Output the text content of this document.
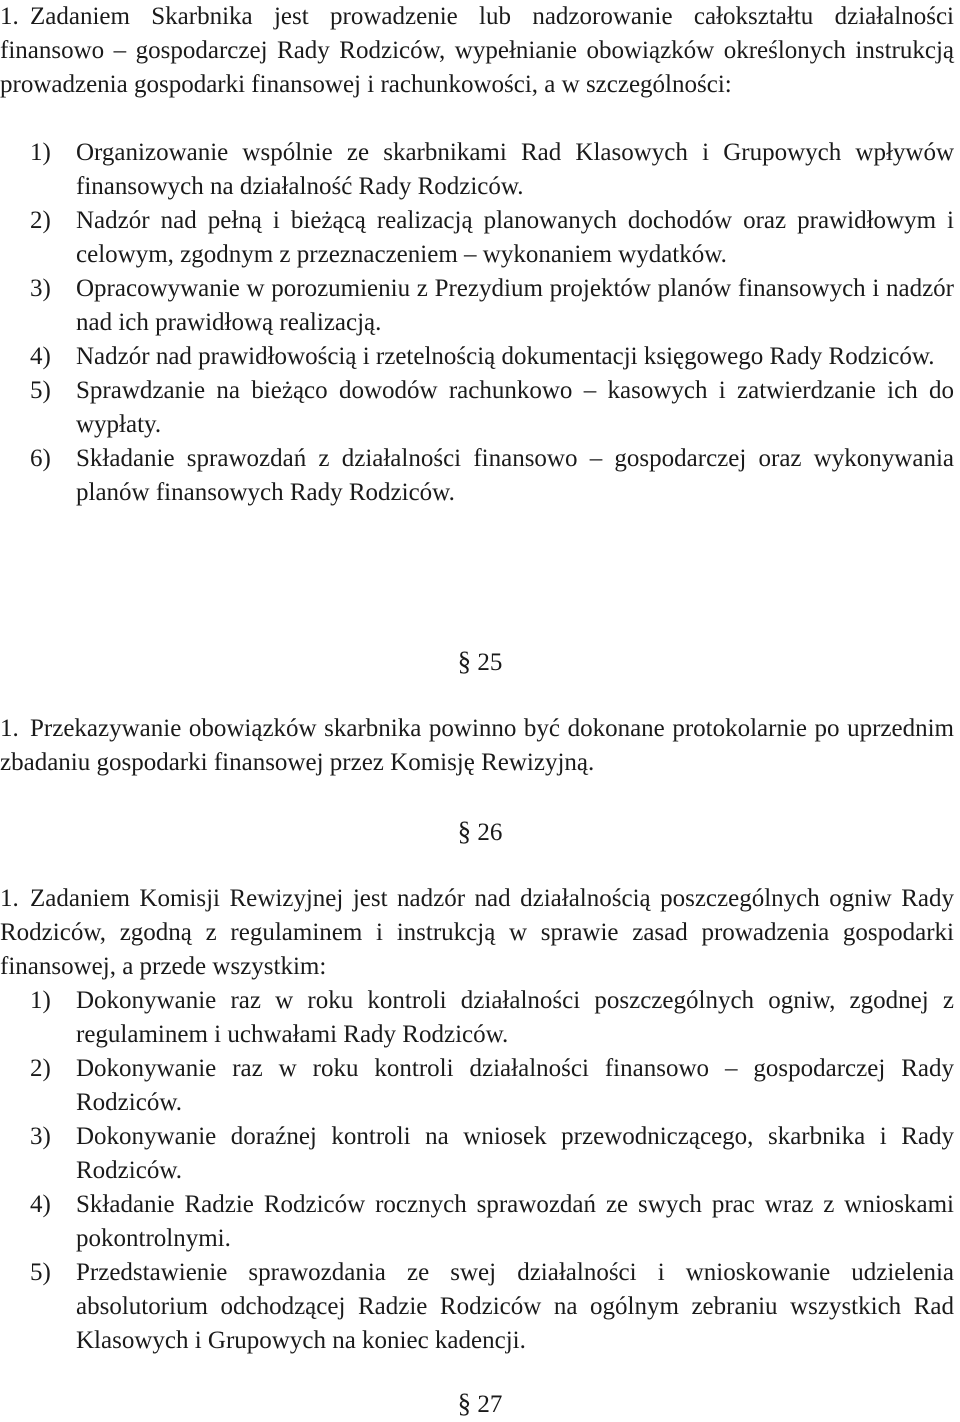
1. Zadaniem Skarbnika jest prowadzenie lub nadzorowanie całokształtu działalności finansowo – gospodarczej Rady Rodziców, wypełnianie obowiązków określonych instrukcją prowadzenia gospodarki finansowej i rachunkowości, a w szczególności:
1) Organizowanie wspólnie ze skarbnikami Rad Klasowych i Grupowych wpływów finansowych na działalność Rady Rodziców.
2) Nadzór nad pełną i bieżącą realizacją planowanych dochodów oraz prawidłowym i celowym, zgodnym z przeznaczeniem – wykonaniem wydatków.
3) Opracowywanie w porozumieniu z Prezydium projektów planów finansowych i nadzór nad ich prawidłową realizacją.
4) Nadzór nad prawidłowością i rzetelnością dokumentacji księgowego Rady Rodziców.
5) Sprawdzanie na bieżąco dowodów rachunkowo – kasowych i zatwierdzanie ich do wypłaty.
6) Składanie sprawozdań z działalności finansowo – gospodarczej oraz wykonywania planów finansowych Rady Rodziców.
§ 25
1. Przekazywanie obowiązków skarbnika powinno być dokonane protokolarnie po uprzednim zbadaniu gospodarki finansowej przez Komisję Rewizyjną.
§ 26
1. Zadaniem Komisji Rewizyjnej jest nadzór nad działalnością poszczególnych ogniw Rady Rodziców, zgodną z regulaminem i instrukcją w sprawie zasad prowadzenia gospodarki finansowej, a przede wszystkim:
1) Dokonywanie raz w roku kontroli działalności poszczególnych ogniw, zgodnej z regulaminem i uchwałami Rady Rodziców.
2) Dokonywanie raz w roku kontroli działalności finansowo – gospodarczej Rady Rodziców.
3) Dokonywanie doraźnej kontroli na wniosek przewodniczącego, skarbnika i Rady Rodziców.
4) Składanie Radzie Rodziców rocznych sprawozdań ze swych prac wraz z wnioskami pokontrolnymi.
5) Przedstawienie sprawozdania ze swej działalności i wnioskowanie udzielenia absolutorium odchodzącej Radzie Rodziców na ogólnym zebraniu wszystkich Rad Klasowych i Grupowych na koniec kadencji.
§ 27
